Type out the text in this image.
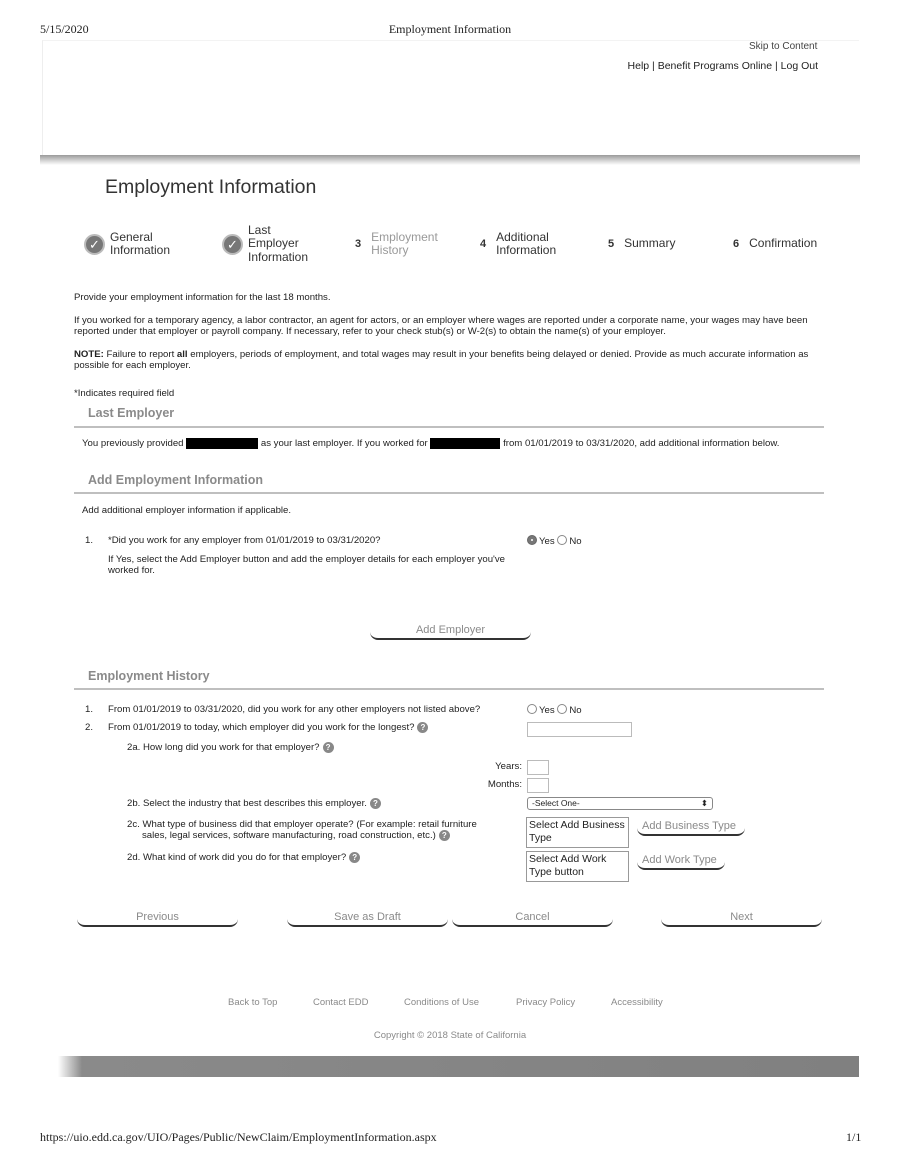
5/15/2020	Employment Information
https://uio.edd.ca.gov/UIO/Pages/Public/NewClaim/EmploymentInformation.aspx	1/1
Skip to Content
Help | Benefit Programs Online | Log Out
Employment Information
✓ General
Information	✓
Last
Employer
Information
3
Employment
History	4
Additional
Information	5 Summary	6 Confirmation
Provide your employment information for the last 18 months.
If you worked for a temporary agency, a labor contractor, an agent for actors, or an employer where wages are reported under a corporate name, your wages may have been reported under that employer or payroll company. If necessary, refer to your check stub(s) or W-2(s) to obtain the name(s) of your employer.
NOTE: Failure to report all employers, periods of employment, and total wages may result in your benefits being delayed or denied. Provide as much accurate information as possible for each employer.
*Indicates required field
Last Employer
You previously provided	as your last employer. If you worked for	from 01/01/2019 to 03/31/2020, add additional information below.
Add Employment Information
Add additional employer information if applicable.
1. *Did you work for any employer from 01/01/2019 to 03/31/2020?
If Yes, select the Add Employer button and add the employer details for each employer you've worked for.
Yes No
Add Employer
Employment History
1. From 01/01/2019 to 03/31/2020, did you work for any other employers not listed above?	Yes No
2. From 01/01/2019 to today, which employer did you work for the longest? ?
2a. How long did you work for that employer? ?
Years:
Months:
2b. Select the industry that best describes this employer. ?	-Select One-	⬍
2c. What type of business did that employer operate? (For example: retail furniture
sales, legal services, software manufacturing, road construction, etc.) ?
Select Add Business Type
Add Business Type
2d. What kind of work did you do for that employer? ?	Select Add Work Type button
Add Work Type
Previous	Save as Draft	Cancel	Next
Back to Top	Contact EDD	Conditions of Use	Privacy Policy	Accessibility
Copyright © 2018 State of California
